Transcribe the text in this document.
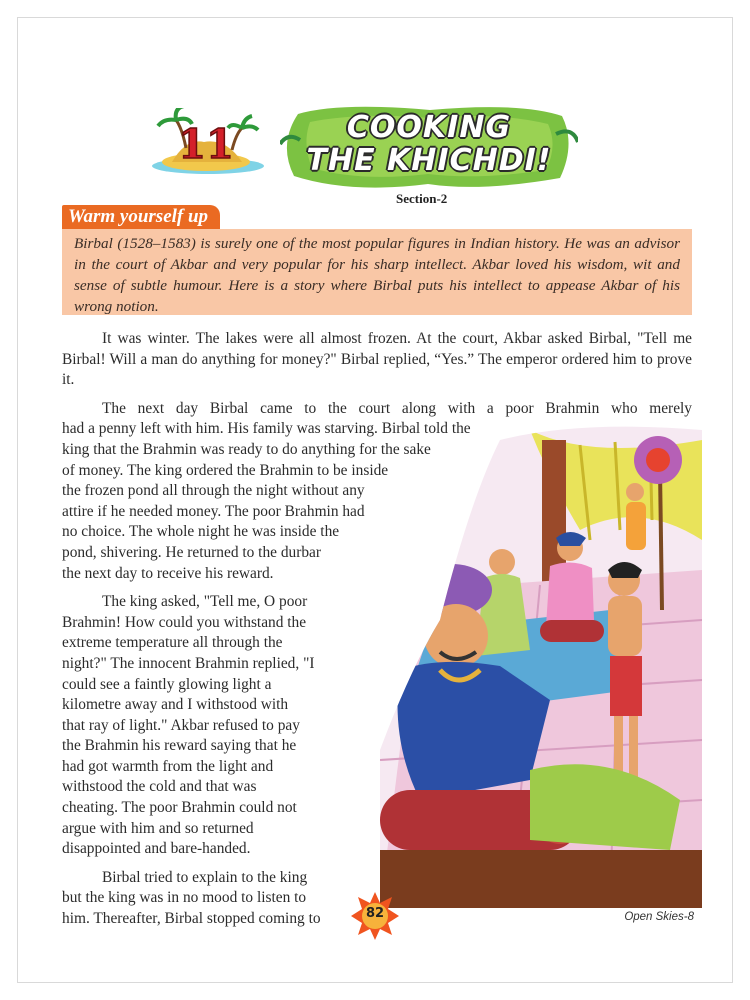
11	COOKING
THE KHICHDI!
Section-2
Warm yourself up

Birbal (1528–1583) is surely one of the most popular figures in Indian history. He was an advisor in the court of Akbar and very popular for his sharp intellect. Akbar loved his wisdom, wit and sense of subtle humour. Here is a story where Birbal puts his intellect to appease Akbar of his wrong notion.

It was winter. The lakes were all almost frozen. At the court, Akbar asked Birbal, "Tell me Birbal! Will a man do anything for money?" Birbal replied, “Yes.” The emperor ordered him to prove it.

The next day Birbal came to the court along with a poor Brahmin who merely
had a penny left with him. His family was starving. Birbal told the
king that the Brahmin was ready to do anything for the sake
of money. The king ordered the Brahmin to be inside
the frozen pond all through the night without any
attire if he needed money. The poor Brahmin had
no choice. The whole night he was inside the
pond, shivering. He returned to the durbar
the next day to receive his reward.
The king asked, "Tell me, O poor
Brahmin! How could you withstand the
extreme temperature all through the
night?" The innocent Brahmin replied, "I
could see a faintly glowing light a
kilometre away and I withstood with
that ray of light." Akbar refused to pay
the Brahmin his reward saying that he
had got warmth from the light and
withstood the cold and that was
cheating. The poor Brahmin could not
argue with him and so returned
disappointed and bare-handed.
Birbal tried to explain to the king
but the king was in no mood to listen to
him. Thereafter, Birbal stopped coming to	82	Open Skies-8
